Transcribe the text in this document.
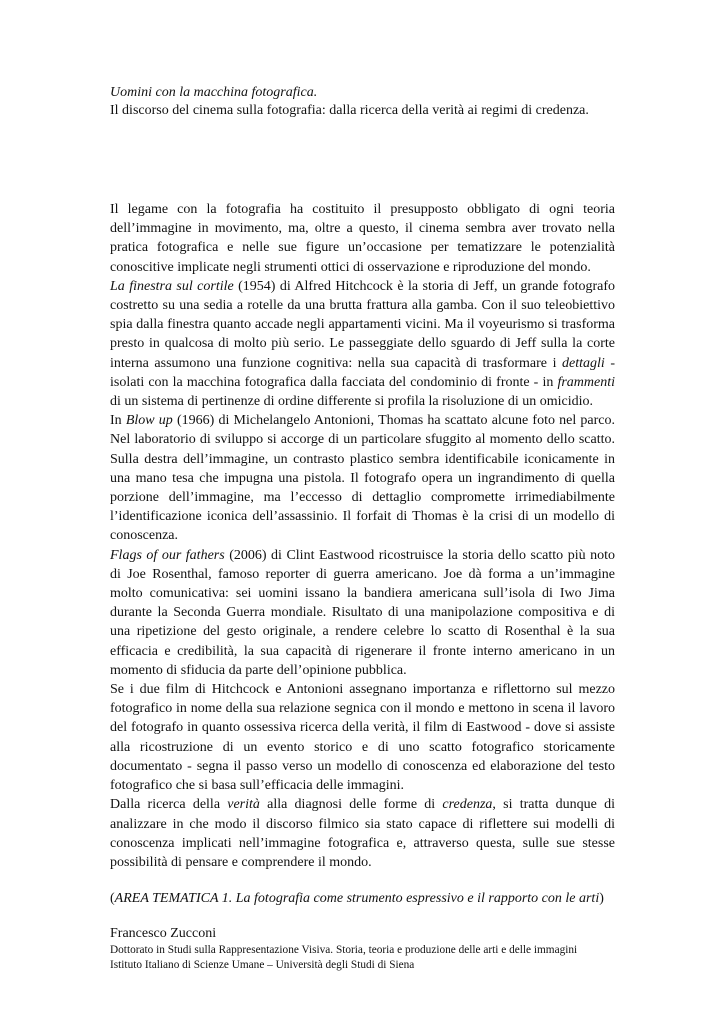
Uomini con la macchina fotografica.

Il discorso del cinema sulla fotografia: dalla ricerca della verità ai regimi di credenza.

Il legame con la fotografia ha costituito il presupposto obbligato di ogni teoria dell’immagine in movimento, ma, oltre a questo, il cinema sembra aver trovato nella pratica fotografica e nelle sue figure un’occasione per tematizzare le potenzialità conoscitive implicate negli strumenti ottici di osservazione e riproduzione del mondo.

La finestra sul cortile (1954) di Alfred Hitchcock è la storia di Jeff, un grande fotografo costretto su una sedia a rotelle da una brutta frattura alla gamba. Con il suo teleobiettivo spia dalla finestra quanto accade negli appartamenti vicini. Ma il voyeurismo si trasforma presto in qualcosa di molto più serio. Le passeggiate dello sguardo di Jeff sulla la corte interna assumono una funzione cognitiva: nella sua capacità di trasformare i dettagli - isolati con la macchina fotografica dalla facciata del condominio di fronte - in frammenti di un sistema di pertinenze di ordine differente si profila la risoluzione di un omicidio.

In Blow up (1966) di Michelangelo Antonioni, Thomas ha scattato alcune foto nel parco. Nel laboratorio di sviluppo si accorge di un particolare sfuggito al momento dello scatto. Sulla destra dell’immagine, un contrasto plastico sembra identificabile iconicamente in una mano tesa che impugna una pistola. Il fotografo opera un ingrandimento di quella porzione dell’immagine, ma l’eccesso di dettaglio compromette irrimediabilmente l’identificazione iconica dell’assassinio. Il forfait di Thomas è la crisi di un modello di conoscenza.

Flags of our fathers (2006) di Clint Eastwood ricostruisce la storia dello scatto più noto di Joe Rosenthal, famoso reporter di guerra americano. Joe dà forma a un’immagine molto comunicativa: sei uomini issano la bandiera americana sull’isola di Iwo Jima durante la Seconda Guerra mondiale. Risultato di una manipolazione compositiva e di una ripetizione del gesto originale, a rendere celebre lo scatto di Rosenthal è la sua efficacia e credibilità, la sua capacità di rigenerare il fronte interno americano in un momento di sfiducia da parte dell’opinione pubblica.

Se i due film di Hitchcock e Antonioni assegnano importanza e riflettorno sul mezzo fotografico in nome della sua relazione segnica con il mondo e mettono in scena il lavoro del fotografo in quanto ossessiva ricerca della verità, il film di Eastwood - dove si assiste alla ricostruzione di un evento storico e di uno scatto fotografico storicamente documentato - segna il passo verso un modello di conoscenza ed elaborazione del testo fotografico che si basa sull’efficacia delle immagini.

Dalla ricerca della verità alla diagnosi delle forme di credenza, si tratta dunque di analizzare in che modo il discorso filmico sia stato capace di riflettere sui modelli di conoscenza implicati nell’immagine fotografica e, attraverso questa, sulle sue stesse possibilità di pensare e comprendere il mondo.

(AREA TEMATICA 1. La fotografia come strumento espressivo e il rapporto con le arti)
Francesco Zucconi
Dottorato in Studi sulla Rappresentazione Visiva. Storia, teoria e produzione delle arti e delle immagini
Istituto Italiano di Scienze Umane – Università degli Studi di Siena
